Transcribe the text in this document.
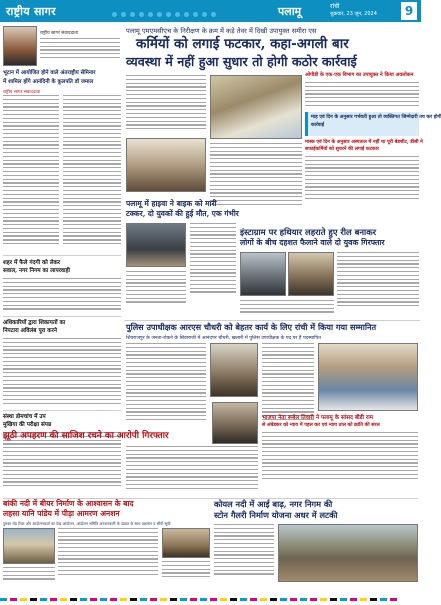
राष्ट्रीय सागर	पलामू	रांची
शुक्रवार, 23 जून, 2024	9
पलामू एमएमसीएच के निरीक्षण के क्रम में कड़े तेवर में दिखी उपायुक्त समीरा एस
कर्मियों को लगाई फटकार, कहा-अगली बार
व्यवस्था में नहीं हुआ सुधार तो होगी कठोर कार्रवाई
राष्ट्रीय सागर संवाददाता
भूटान में आयोजित होने वाले अंतराष्ट्रीय सेमिनार
में शामिल होंगे आनंदिनी के कुलपति डॉ जमाल
राष्ट्रीय सागर संवाददाता
शहर में फैले गंदगी को लेकर
सवाल, नगर निगम का लापरवाही
अधिकारियों द्वारा शिकायतों का
निपटारा अविलंब पूरा करने
संस्था डोमचांच में उप
मुखिया की परीक्षा संपन्न
ओपीडी के एक-एक विभाग का उपायुक्त ने किया अवलोकन
माह एवं दिन के अनुसार गर्भवती हुआ तो व्यक्तिगत जिम्मेदारी तय कर होगी
कार्रवाई
मास्क एवं दिन के अनुसार अस्पताल में नहीं था पूरी बेडशीट, डीसी ने
सफाईकर्मियों को सुधरने की लगाई फटकार
पलामू में हाइवा ने बाइक को मारी
टक्कर, दो युवकों की हुई मौत, एक गंभीर
इंस्टाग्राम पर हथियार लहराते हुए रील बनाकर
लोगों के बीच दहशत फैलाने वाले दो युवक गिरफ्तार
पुलिस उपाधीक्षक आरएस चौधरी को बेहतर कार्य के लिए रांची में किया गया सम्मानित
शिवराजपुर के जनता-रोकने के सिवाराजी में आनंदपर चौधरी, खलारी में पुलिस उपाधीक्षक के पद पर हैं पदस्थापित
झूठी अपहरण की साजिश रचने का आरोपी गिरफ्तार
भाजपा नेता रूबेल तिवारी ने पलामू के सांसद बीडी राम
से अंबेडकर को न्याय में पहल कर एवं न्याय ताल को क्रांति की सरल
बांकी नदी में बीयर निर्माण के आश्वासन के बाद
लहसा यानि पांडेय में पीड़ा आमरण अनशन
दुमका रोड़ रिवर ओर आंदोलनकर्ता का देख आंदोलन, आंदोलन समिति अनशनकारी के दंडवत के साथ प्रशासन व सौंपी सूची
कोयल नदी में आई बाढ़, नगर निगम की
स्टोन गैलरी निर्माण योजना अधर में लटकी
